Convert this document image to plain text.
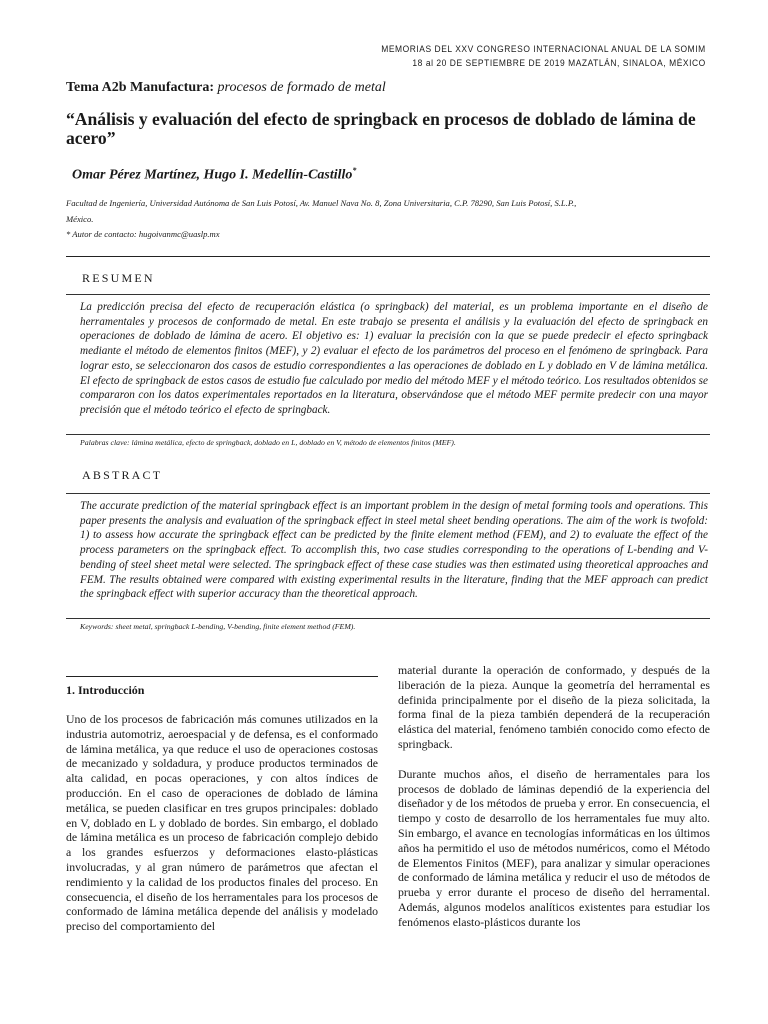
MEMORIAS DEL XXV CONGRESO INTERNACIONAL ANUAL DE LA SOMIM
18 al 20 DE SEPTIEMBRE DE 2019 MAZATLÁN, SINALOA, MÉXICO
Tema A2b Manufactura: procesos de formado de metal
“Análisis y evaluación del efecto de springback en procesos de doblado de lámina de acero”
Omar Pérez Martínez, Hugo I. Medellín-Castillo*
Facultad de Ingeniería, Universidad Autónoma de San Luis Potosí, Av. Manuel Nava No. 8, Zona Universitaria, C.P. 78290, San Luis Potosí, S.L.P.,
México.
* Autor de contacto: hugoivanmc@uaslp.mx
RESUMEN
La predicción precisa del efecto de recuperación elástica (o springback) del material, es un problema importante en el diseño de herramentales y procesos de conformado de metal. En este trabajo se presenta el análisis y la evaluación del efecto de springback en operaciones de doblado de lámina de acero. El objetivo es: 1) evaluar la precisión con la que se puede predecir el efecto springback mediante el método de elementos finitos (MEF), y 2) evaluar el efecto de los parámetros del proceso en el fenómeno de springback. Para lograr esto, se seleccionaron dos casos de estudio correspondientes a las operaciones de doblado en L y doblado en V de lámina metálica. El efecto de springback de estos casos de estudio fue calculado por medio del método MEF y el método teórico. Los resultados obtenidos se compararon con los datos experimentales reportados en la literatura, observándose que el método MEF permite predecir con una mayor precisión que el método teórico el efecto de springback.
Palabras clave: lámina metálica, efecto de springback, doblado en L, doblado en V, método de elementos finitos (MEF).
ABSTRACT
The accurate prediction of the material springback effect is an important problem in the design of metal forming tools and operations. This paper presents the analysis and evaluation of the springback effect in steel metal sheet bending operations. The aim of the work is twofold: 1) to assess how accurate the springback effect can be predicted by the finite element method (FEM), and 2) to evaluate the effect of the process parameters on the springback effect. To accomplish this, two case studies corresponding to the operations of L-bending and V-bending of steel sheet metal were selected. The springback effect of these case studies was then estimated using theoretical approaches and FEM. The results obtained were compared with existing experimental results in the literature, finding that the MEF approach can predict the springback effect with superior accuracy than the theoretical approach.
Keywords: sheet metal, springback L-bending, V-bending, finite element method (FEM).
1. Introducción

Uno de los procesos de fabricación más comunes utilizados en la industria automotriz, aeroespacial y de defensa, es el conformado de lámina metálica, ya que reduce el uso de operaciones costosas de mecanizado y soldadura, y produce productos terminados de alta calidad, en pocas operaciones, y con altos índices de producción. En el caso de operaciones de doblado de lámina metálica, se pueden clasificar en tres grupos principales: doblado en V, doblado en L y doblado de bordes. Sin embargo, el doblado de lámina metálica es un proceso de fabricación complejo debido a los grandes esfuerzos y deformaciones elasto-plásticas involucradas, y al gran número de parámetros que afectan el rendimiento y la calidad de los productos finales del proceso. En consecuencia, el diseño de los herramentales para los procesos de conformado de lámina metálica depende del análisis y modelado preciso del comportamiento del

material durante la operación de conformado, y después de la liberación de la pieza. Aunque la geometría del herramental es definida principalmente por el diseño de la pieza solicitada, la forma final de la pieza también dependerá de la recuperación elástica del material, fenómeno también conocido como efecto de springback.

Durante muchos años, el diseño de herramentales para los procesos de doblado de láminas dependió de la experiencia del diseñador y de los métodos de prueba y error. En consecuencia, el tiempo y costo de desarrollo de los herramentales fue muy alto. Sin embargo, el avance en tecnologías informáticas en los últimos años ha permitido el uso de métodos numéricos, como el Método de Elementos Finitos (MEF), para analizar y simular operaciones de conformado de lámina metálica y reducir el uso de métodos de prueba y error durante el proceso de diseño del herramental. Además, algunos modelos analíticos existentes para estudiar los fenómenos elasto-plásticos durante los
